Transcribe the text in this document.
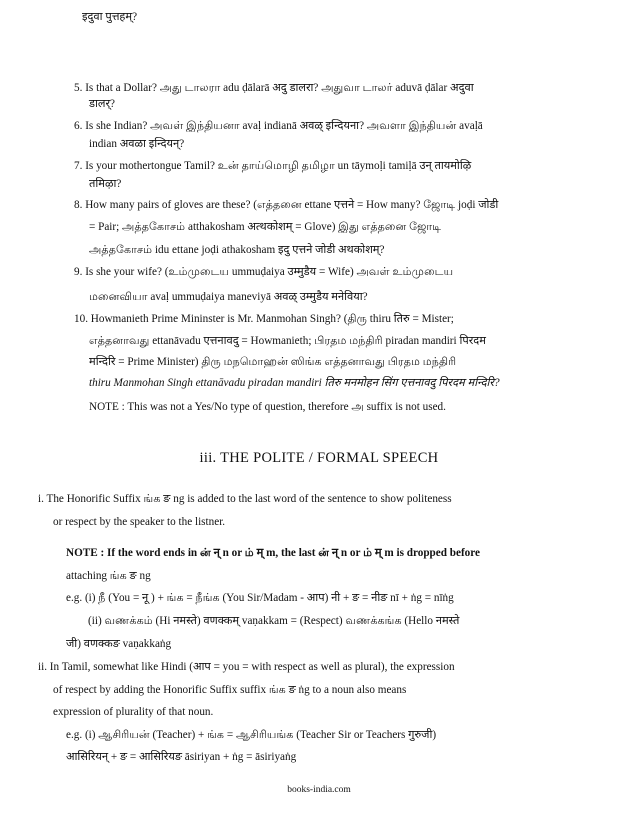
इदुवा पुत्तहम्?
5. Is that a Dollar? அது டாலரா adu ḍālarā अदु डालरा? அதுவா டாலர் aduvā ḍālar अदुवा
डालर्?
6. Is she Indian? அவள் இந்தியனா avaḷ indianā अवळ् इन्दियना? அவளா இந்தியன் avaḷā
indian अवळा इन्दियन्?
7. Is your mothertongue Tamil? உன் தாய்மொழி தமிழா un tāymoḷi tamiḷā उन् तायमोऴि
तमिऴा?
8. How many pairs of gloves are these? (எத்தனை ettane एत्तने = How many? ஜோடி joḍi जोडी
= Pair; அத்தகோசம் atthakosham अत्थकोशम् = Glove) இது எத்தனை ஜோடி
அத்தகோசம் idu ettane joḍi athakosham इदु एत्तने जोडी अथकोशम्?
9. Is she your wife? (உம்முடைய ummuḍaiya उम्मुडैय = Wife) அவள் உம்முடைய
மனைவியா avaḷ ummuḍaiya maneviyā अवळ् उम्मुडैय मनेविया?
10. Howmanieth Prime Mininster is Mr. Manmohan Singh? (திரு thiru तिरु = Mister;
எத்தனாவது ettanāvadu एत्तनावदु = Howmanieth; பிரதம மந்திரி piradan mandiri पिरदम
मन्दिरि = Prime Minister) திரு மநமொஹன் ஸிங்க எத்தனாவது பிரதம மந்திரி
thiru Manmohan Singh ettanāvadu piradan mandiri तिरु मनमोहन सिंग एत्तनावदु पिरदम मन्दिरि?
NOTE : This was not a Yes/No type of question, therefore அ suffix is not used.
iii. THE POLITE / FORMAL SPEECH
i. The Honorific Suffix ங்க ङ ng is added to the last word of the sentence to show politeness
or respect by the speaker to the listner.
NOTE : If the word ends in ன் न् n or ம் म् m, the last ன் न् n or ம் म् m is dropped before
attaching ங்க ङ ng
e.g. (i) நீ (You = नू ) + ங்க = நீங்க (You Sir/Madam - आप) नी + ङ = नीङ nī + ṅg = nīṅg
(ii) வணக்கம் (Hi नमस्ते) वणक्कम् vaṇakkam = (Respect) வணக்கங்க (Hello नमस्ते
जी) वणक्कङ vaṇakkaṅg
ii. In Tamil, somewhat like Hindi (आप = you = with respect as well as plural), the expression
of respect by adding the Honorific Suffix suffix ங்க ङ ṅg to a noun also means
expression of plurality of that noun.
e.g. (i) ஆசிரியன் (Teacher) + ங்க = ஆசிரியங்க (Teacher Sir or Teachers गुरुजी)
आसिरियन् + ङ = आसिरियङ āsiriyan + ṅg = āsiriyaṅg
books-india.com
